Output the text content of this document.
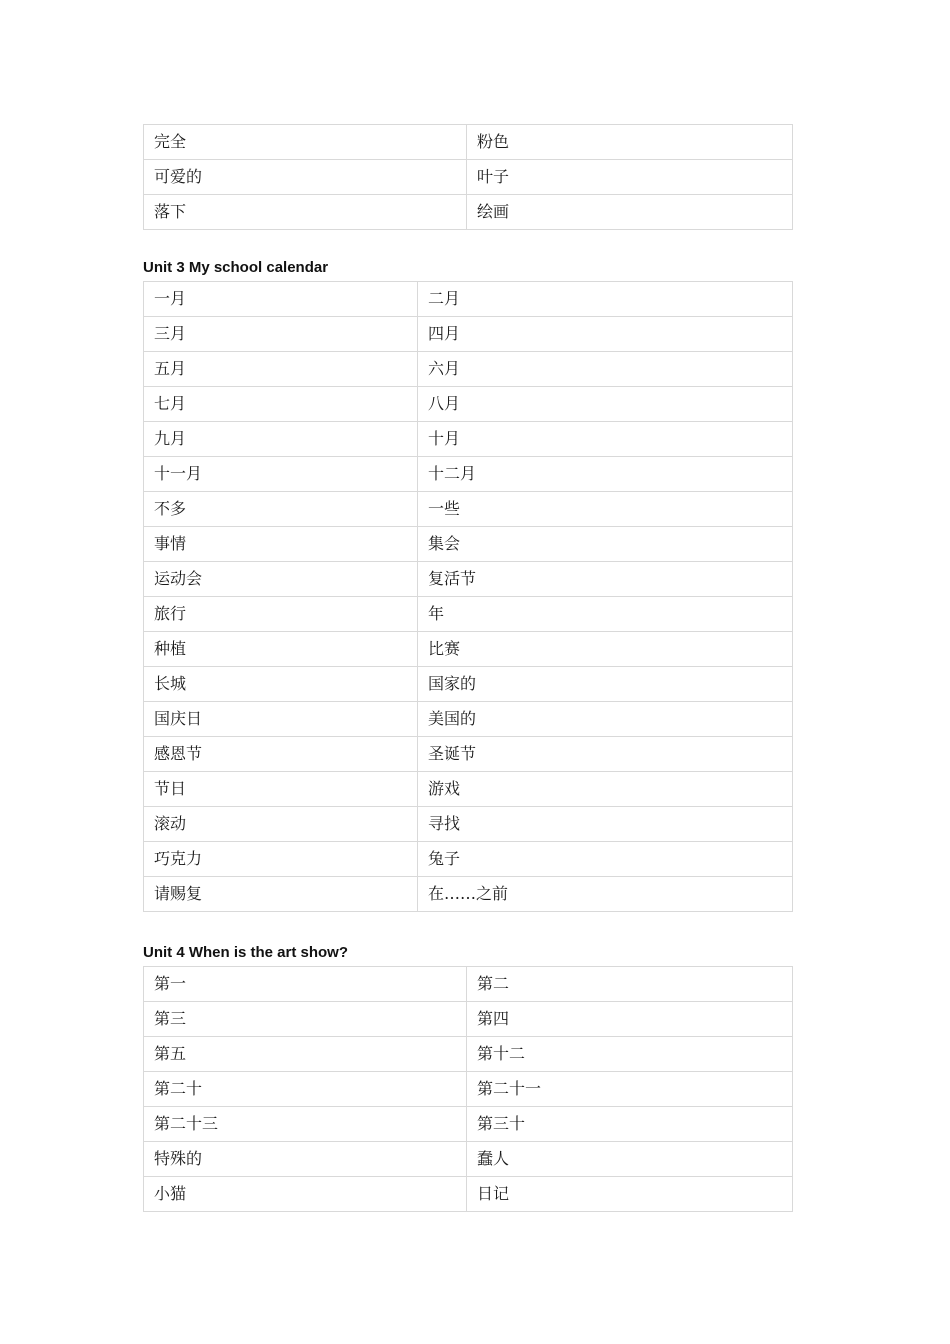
完全	粉色
可爱的	叶子
落下	绘画
Unit 3 My school calendar
一月	二月
三月	四月
五月	六月
七月	八月
九月	十月
十一月	十二月
不多	一些
事情	集会
运动会	复活节
旅行	年
种植	比赛
长城	国家的
国庆日	美国的
感恩节	圣诞节
节日	游戏
滚动	寻找
巧克力	兔子
请赐复	在……之前
Unit 4 When is the art show?
第一	第二
第三	第四
第五	第十二
第二十	第二十一
第二十三	第三十
特殊的	蠢人
小猫	日记
